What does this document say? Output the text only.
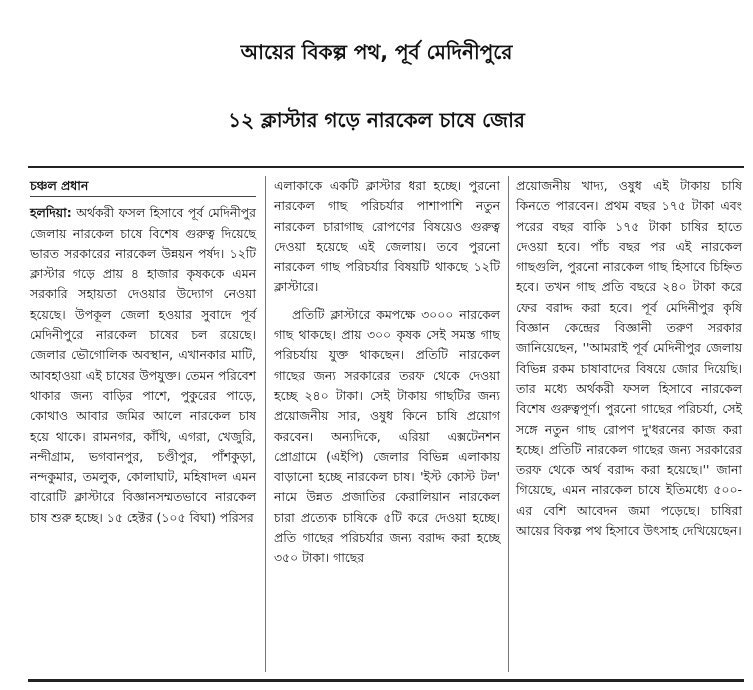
আয়ের বিকল্প পথ, পূর্ব মেদিনীপুরে
১২ ক্লাস্টার গড়ে নারকেল চাষে জোর

চঞ্চল প্রধান

হলদিয়া: অর্থকরী ফসল হিসাবে পূর্ব মেদিনীপুর জেলায় নারকেল চাষে বিশেষ গুরুত্ব দিয়েছে ভারত সরকারের নারকেল উন্নয়ন পর্ষদ। ১২টি ক্লাস্টার গড়ে প্রায় ৪ হাজার কৃষককে এমন সরকারি সহায়তা দেওয়ার উদ্যোগ নেওয়া হয়েছে। উপকূল জেলা হওয়ার সুবাদে পূর্ব মেদিনীপুরে নারকেল চাষের চল রয়েছে। জেলার ভৌগোলিক অবস্থান, এখানকার মাটি, আবহাওয়া এই চাষের উপযুক্ত। তেমন পরিবেশ থাকার জন্য বাড়ির পাশে, পুকুরের পাড়ে, কোথাও আবার জমির আলে নারকেল চাষ হয়ে থাকে। রামনগর, কাঁথি, এগরা, খেজুরি, নন্দীগ্রাম, ভগবানপুর, চণ্ডীপুর, পাঁশকুড়া, নন্দকুমার, তমলুক, কোলাঘাট, মহিষাদল এমন বারোটি ক্লাস্টারে বিজ্ঞানসম্মতভাবে নারকেল চাষ শুরু হচ্ছে। ১৫ হেক্টর (১০৫ বিঘা) পরিসর

এলাকাকে একটি ক্লাস্টার ধরা হচ্ছে। পুরনো নারকেল গাছ পরিচর্যার পাশাপাশি নতুন নারকেল চারাগাছ রোপণের বিষয়েও গুরুত্ব দেওয়া হয়েছে এই জেলায়। তবে পুরনো নারকেল গাছ পরিচর্যার বিষয়টি থাকছে ১২টি ক্লাস্টারে।

প্রতিটি ক্লাস্টারে কমপক্ষে ৩০০০ নারকেল গাছ থাকছে। প্রায় ৩০০ কৃষক সেই সমস্ত গাছ পরিচর্যায় যুক্ত থাকছেন। প্রতিটি নারকেল গাছের জন্য সরকারের তরফ থেকে দেওয়া হচ্ছে ২৪০ টাকা। সেই টাকায় গাছটির জন্য প্রয়োজনীয় সার, ওষুধ কিনে চাষি প্রয়োগ করবেন। অন্যদিকে, এরিয়া এক্সটেনশন প্রোগ্রামে (এইপি) জেলার বিভিন্ন এলাকায় বাড়ানো হচ্ছে নারকেল চাষ। 'ইস্ট কোস্ট টল' নামে উন্নত প্রজাতির কেরালিয়ান নারকেল চারা প্রত্যেক চাষিকে ৫টি করে দেওয়া হচ্ছে। প্রতি গাছের পরিচর্যার জন্য বরাদ্দ করা হচ্ছে ৩৫০ টাকা। গাছের

প্রয়োজনীয় খাদ্য, ওষুধ এই টাকায় চাষি কিনতে পারবেন। প্রথম বছর ১৭৫ টাকা এবং পরের বছর বাকি ১৭৫ টাকা চাষির হাতে দেওয়া হবে। পাঁচ বছর পর এই নারকেল গাছগুলি, পুরনো নারকেল গাছ হিসাবে চিহ্নিত হবে। তখন গাছ প্রতি বছরে ২৪০ টাকা করে ফের বরাদ্দ করা হবে। পূর্ব মেদিনীপুর কৃষি বিজ্ঞান কেন্দ্রের বিজ্ঞানী তরুণ সরকার জানিয়েছেন, ''আমরাই পূর্ব মেদিনীপুর জেলায় বিভিন্ন রকম চাষাবাদের বিষয়ে জোর দিয়েছি। তার মধ্যে অর্থকরী ফসল হিসাবে নারকেল বিশেষ গুরুত্বপূর্ণ। পুরনো গাছের পরিচর্যা, সেই সঙ্গে নতুন গাছ রোপণ দু'ধরনের কাজ করা হচ্ছে। প্রতিটি নারকেল গাছের জন্য সরকারের তরফ থেকে অর্থ বরাদ্দ করা হয়েছে।'' জানা গিয়েছে, এমন নারকেল চাষে ইতিমধ্যে ৫০০-এর বেশি আবেদন জমা পড়েছে। চাষিরা আয়ের বিকল্প পথ হিসাবে উৎসাহ দেখিয়েছেন।
